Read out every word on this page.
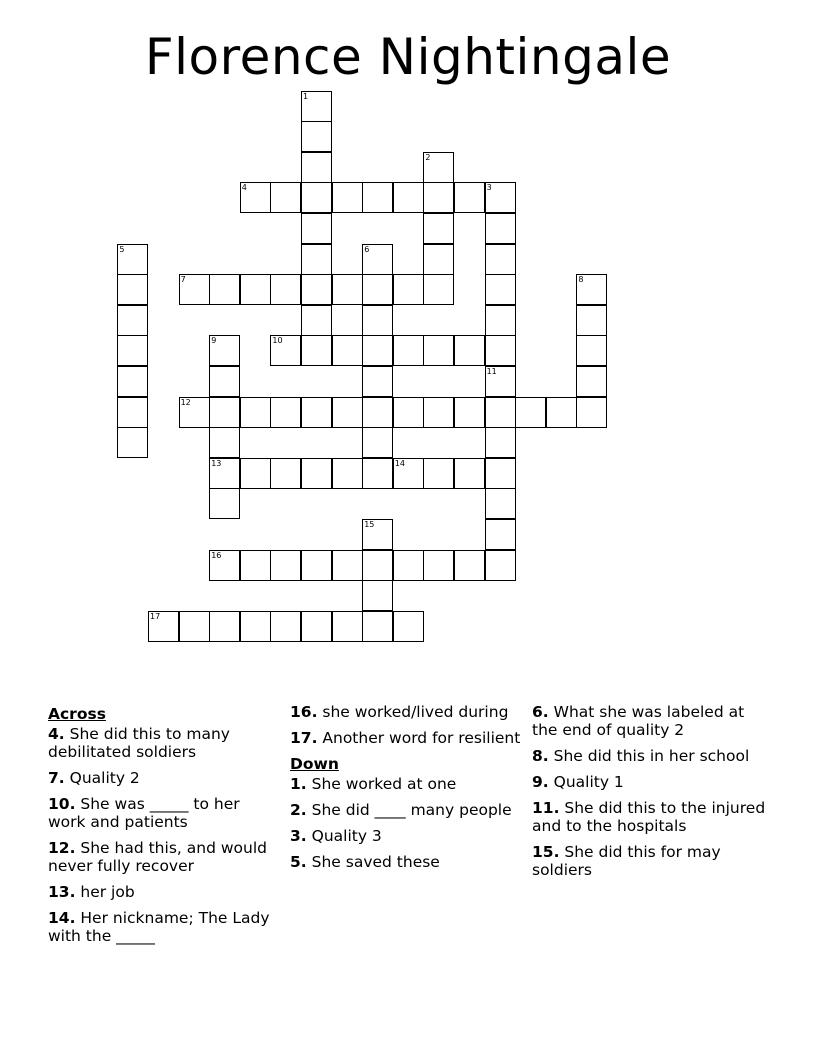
Florence Nightingale
4	3
7
10
12
13	14
16
17
1
2
11
5	6
8
9
15
Across
4. She did this to many debilitated soldiers
7. Quality 2
10. She was _____ to her work and patients
12. She had this, and would never fully recover
13. her job
14. Her nickname; The Lady with the _____
16. she worked/lived during
17. Another word for resilient
Down
1. She worked at one
2. She did ____ many people
3. Quality 3
5. She saved these
6. What she was labeled at the end of quality 2
8. She did this in her school
9. Quality 1
11. She did this to the injured and to the hospitals
15. She did this for may soldiers
